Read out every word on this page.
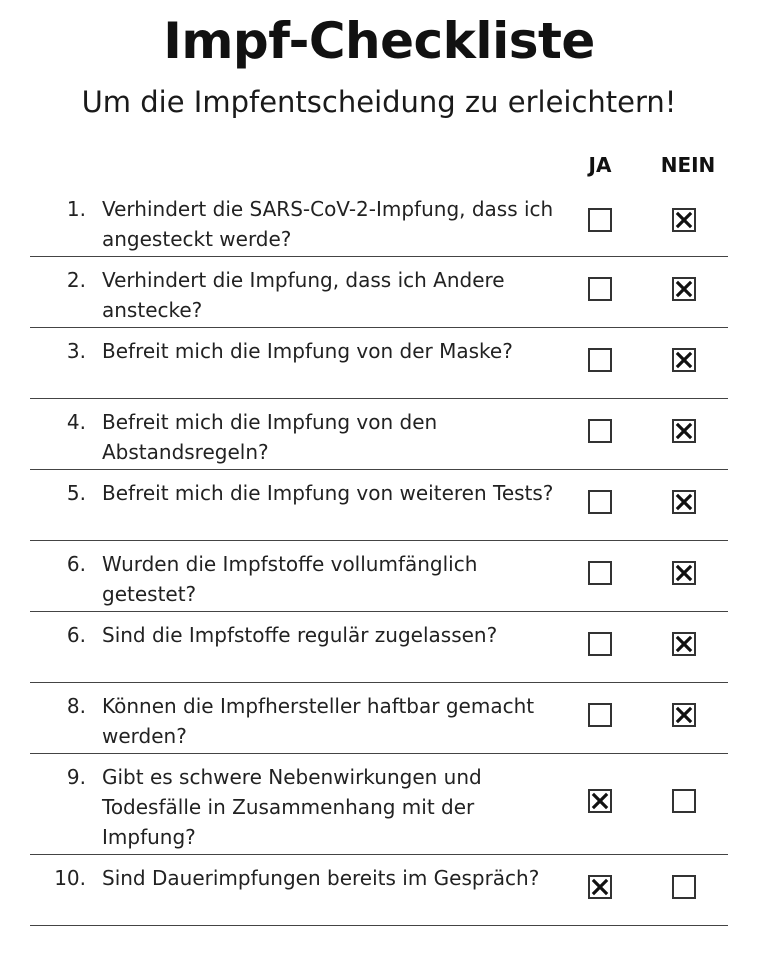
Impf-Checkliste
Um die Impfentscheidung zu erleichtern!
JA	NEIN
1. Verhindert die SARS-CoV-2-Impfung, dass ich angesteckt werde?
2. Verhindert die Impfung, dass ich Andere anstecke?
3. Befreit mich die Impfung von der Maske?
4. Befreit mich die Impfung von den Abstandsregeln?
5. Befreit mich die Impfung von weiteren Tests?
6. Wurden die Impfstoffe vollumfänglich getestet?
6. Sind die Impfstoffe regulär zugelassen?
8. Können die Impfhersteller haftbar gemacht werden?
9. Gibt es schwere Nebenwirkungen und Todesfälle in Zusammenhang mit der Impfung?
10. Sind Dauerimpfungen bereits im Gespräch?
